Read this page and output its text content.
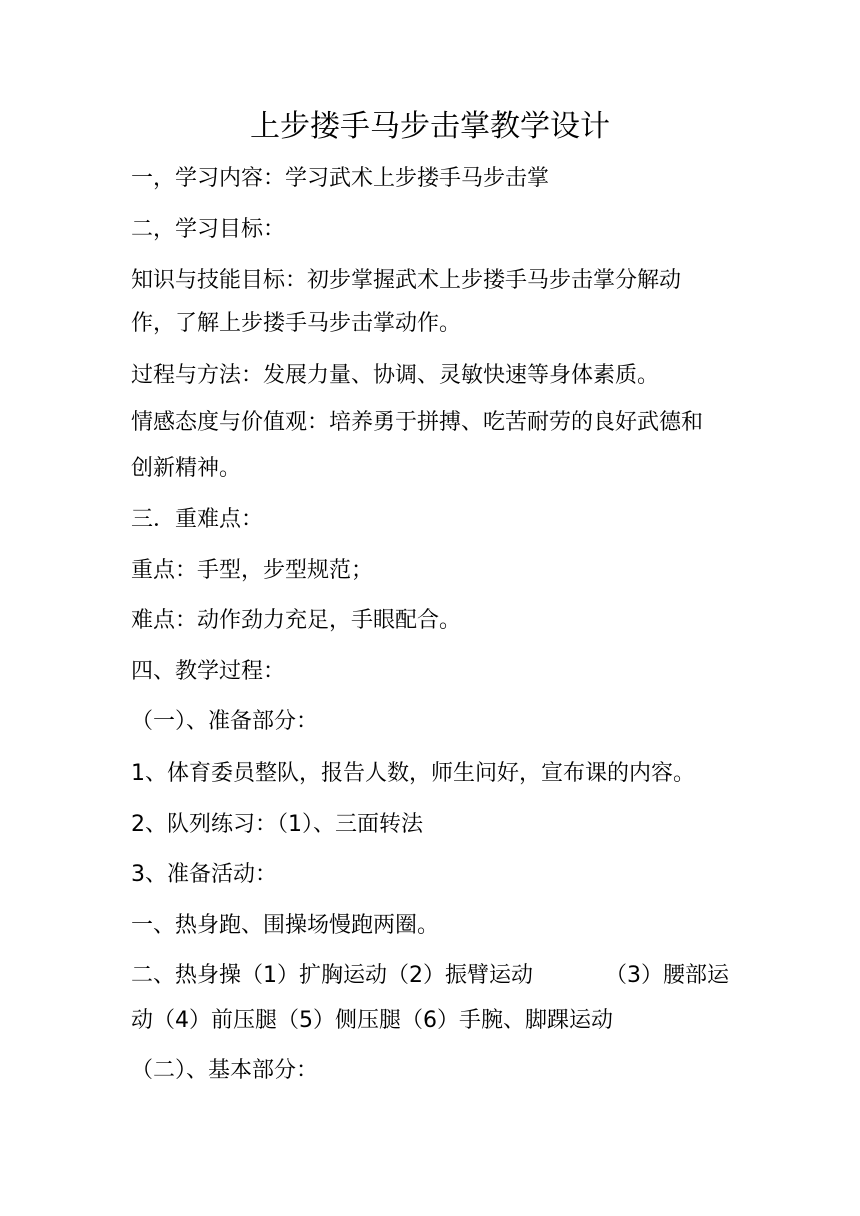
上步搂手马步击掌教学设计
一，学习内容：学习武术上步搂手马步击掌
二，学习目标：
知识与技能目标：初步掌握武术上步搂手马步击掌分解动
作，了解上步搂手马步击掌动作。
过程与方法：发展力量、协调、灵敏快速等身体素质。
情感态度与价值观：培养勇于拼搏、吃苦耐劳的良好武德和
创新精神。
三．重难点：
重点：手型，步型规范；
难点：动作劲力充足，手眼配合。
四、教学过程：
（一）、准备部分：
1、体育委员整队，报告人数，师生问好，宣布课的内容。
2、队列练习：（1）、三面转法
3、准备活动：
一、热身跑、围操场慢跑两圈。
二、热身操（1）扩胸运动（2）振臂运动	（3）腰部运
动（4）前压腿（5）侧压腿（6）手腕、脚踝运动
（二）、基本部分：
